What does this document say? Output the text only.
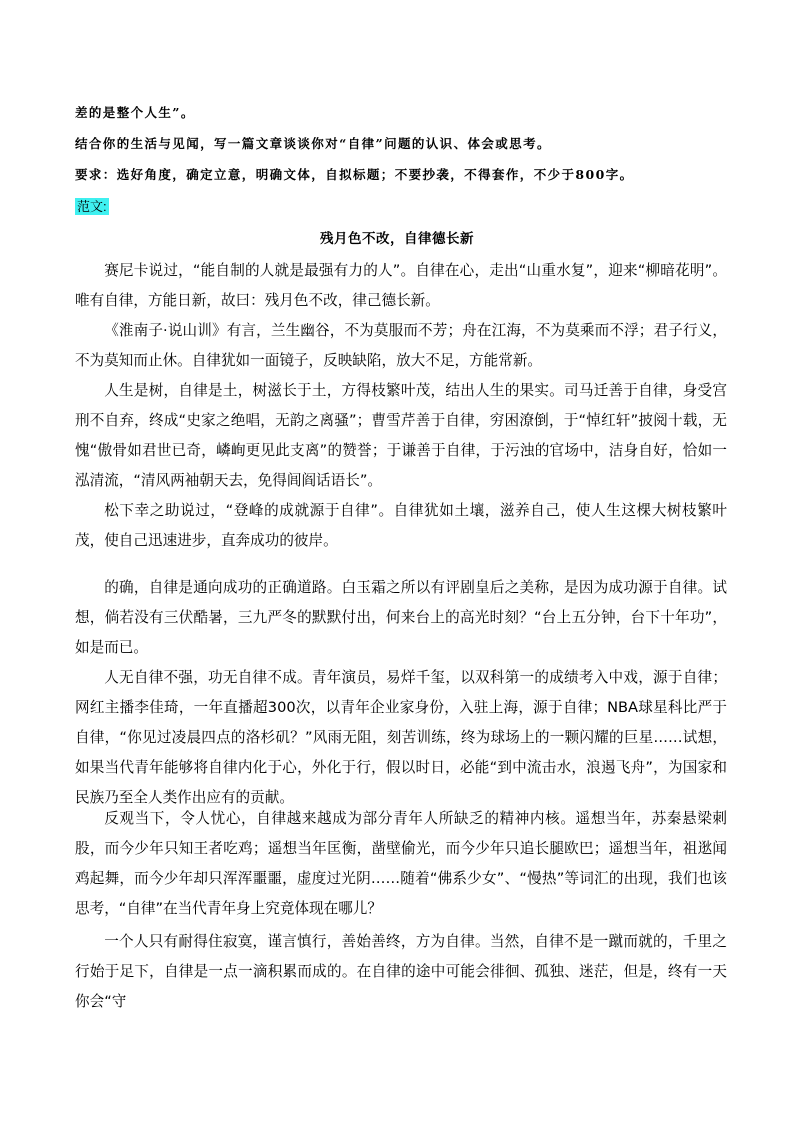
差的是整个人生”。
结合你的生活与见闻，写一篇文章谈谈你对“自律”问题的认识、体会或思考。
要求：选好角度，确定立意，明确文体，自拟标题；不要抄袭，不得套作，不少于800字。
范文:
残月色不改，自律德长新

赛尼卡说过，“能自制的人就是最强有力的人”。自律在心，走出“山重水复”，迎来“柳暗花明”。唯有自律，方能日新，故曰：残月色不改，律己德长新。

《淮南子·说山训》有言，兰生幽谷，不为莫服而不芳；舟在江海，不为莫乘而不浮；君子行义，不为莫知而止休。自律犹如一面镜子，反映缺陷，放大不足，方能常新。

人生是树，自律是土，树滋长于土，方得枝繁叶茂，结出人生的果实。司马迁善于自律，身受宫刑不自弃，终成“史家之绝唱，无韵之离骚”；曹雪芹善于自律，穷困潦倒，于“悼红轩”披阅十载，无愧“傲骨如君世已奇，嶙峋更见此支离”的赞誉；于谦善于自律，于污浊的官场中，洁身自好，恰如一泓清流，“清风两袖朝天去，免得闾阎话语长”。

松下幸之助说过，“登峰的成就源于自律”。自律犹如土壤，滋养自己，使人生这棵大树枝繁叶茂，使自己迅速进步，直奔成功的彼岸。

的确，自律是通向成功的正确道路。白玉霜之所以有评剧皇后之美称，是因为成功源于自律。试想，倘若没有三伏酷暑，三九严冬的默默付出，何来台上的高光时刻？“台上五分钟，台下十年功”，如是而已。

人无自律不强，功无自律不成。青年演员，易烊千玺，以双科第一的成绩考入中戏，源于自律；网红主播李佳琦，一年直播超300次，以青年企业家身份，入驻上海，源于自律；NBA球星科比严于自律，“你见过凌晨四点的洛杉矶？”风雨无阻，刻苦训练，终为球场上的一颗闪耀的巨星……试想，如果当代青年能够将自律内化于心，外化于行，假以时日，必能“到中流击水，浪遏飞舟”，为国家和民族乃至全人类作出应有的贡献。

反观当下，令人忧心，自律越来越成为部分青年人所缺乏的精神内核。遥想当年，苏秦悬梁刺股，而今少年只知王者吃鸡；遥想当年匡衡，凿壁偷光，而今少年只追长腿欧巴；遥想当年，祖逖闻鸡起舞，而今少年却只浑浑噩噩，虚度过光阴……随着“佛系少女”、“慢热”等词汇的出现，我们也该思考，“自律”在当代青年身上究竟体现在哪儿？

一个人只有耐得住寂寞，谨言慎行，善始善终，方为自律。当然，自律不是一蹴而就的，千里之行始于足下，自律是一点一滴积累而成的。在自律的途中可能会徘徊、孤独、迷茫，但是，终有一天你会“守
